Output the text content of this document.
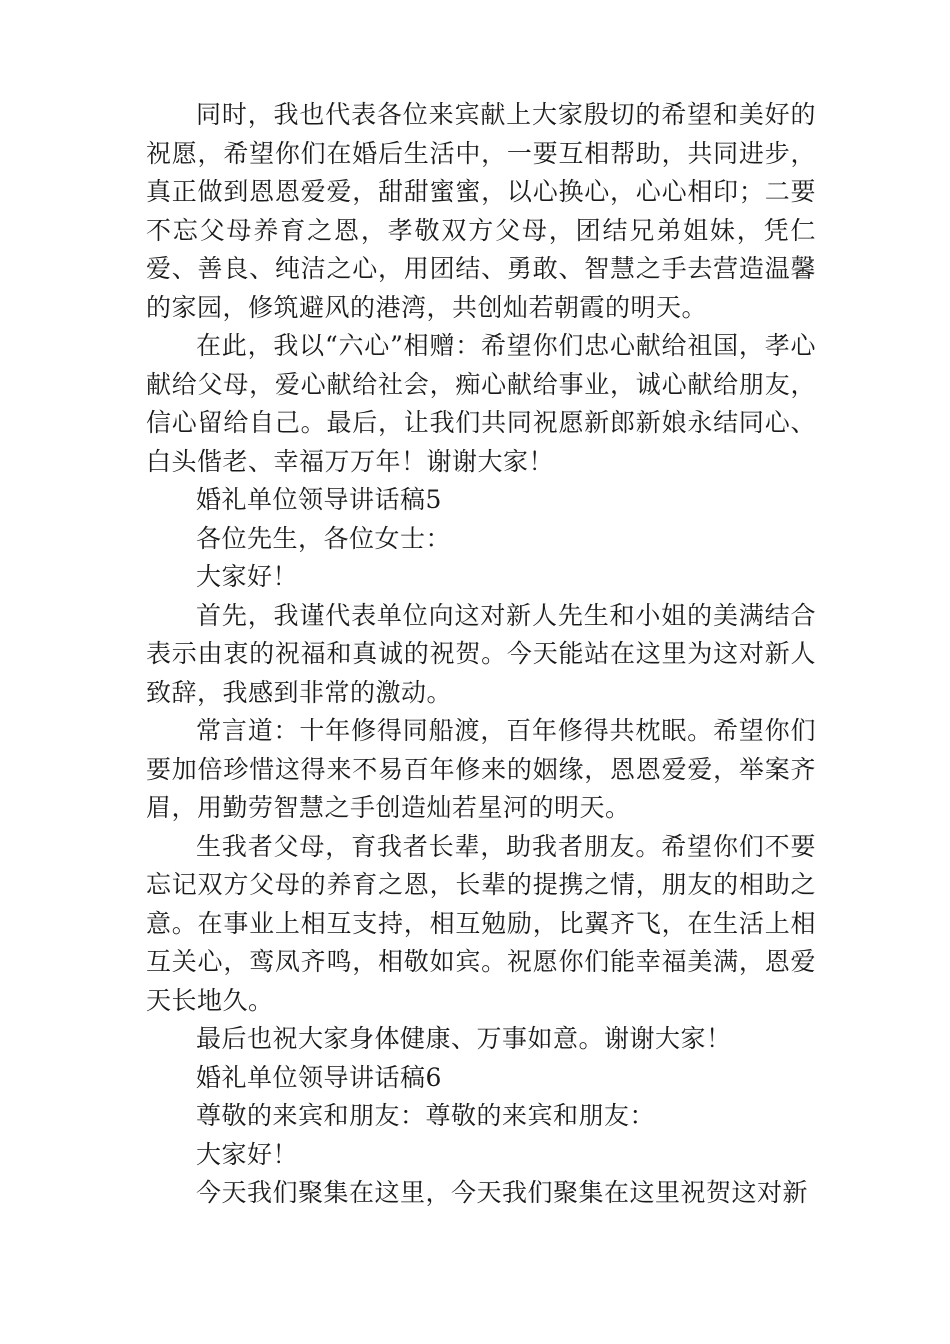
同时，我也代表各位来宾献上大家殷切的希望和美好的祝愿，希望你们在婚后生活中，一要互相帮助，共同进步，真正做到恩恩爱爱，甜甜蜜蜜，以心换心，心心相印；二要不忘父母养育之恩，孝敬双方父母，团结兄弟姐妹，凭仁爱、善良、纯洁之心，用团结、勇敢、智慧之手去营造温馨的家园，修筑避风的港湾，共创灿若朝霞的明天。

在此，我以“六心”相赠：希望你们忠心献给祖国，孝心献给父母，爱心献给社会，痴心献给事业，诚心献给朋友，信心留给自己。最后，让我们共同祝愿新郎新娘永结同心、白头偕老、幸福万万年！谢谢大家！

婚礼单位领导讲话稿5

各位先生，各位女士：

大家好！

首先，我谨代表单位向这对新人先生和小姐的美满结合表示由衷的祝福和真诚的祝贺。今天能站在这里为这对新人致辞，我感到非常的激动。

常言道：十年修得同船渡，百年修得共枕眠。希望你们要加倍珍惜这得来不易百年修来的姻缘，恩恩爱爱，举案齐眉，用勤劳智慧之手创造灿若星河的明天。

生我者父母，育我者长辈，助我者朋友。希望你们不要忘记双方父母的养育之恩，长辈的提携之情，朋友的相助之意。在事业上相互支持，相互勉励，比翼齐飞，在生活上相互关心，鸾凤齐鸣，相敬如宾。祝愿你们能幸福美满，恩爱天长地久。

最后也祝大家身体健康、万事如意。谢谢大家！

婚礼单位领导讲话稿6

尊敬的来宾和朋友：尊敬的来宾和朋友：

大家好！

今天我们聚集在这里，今天我们聚集在这里祝贺这对新
